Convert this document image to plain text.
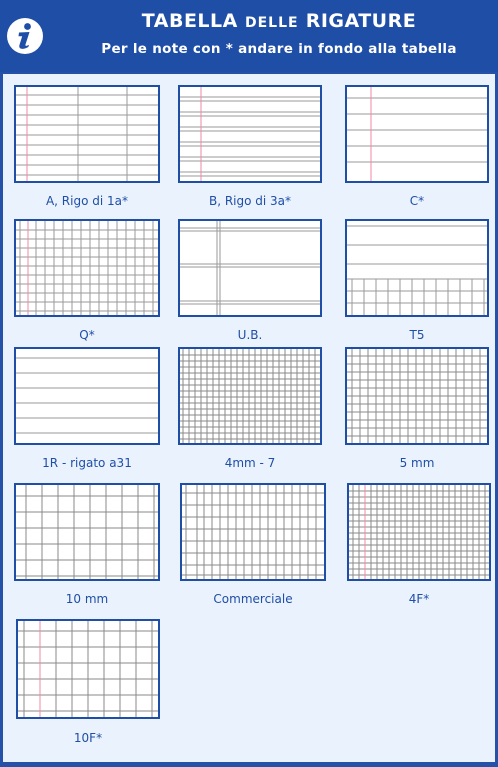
TABELLA DELLE RIGATURE
Per le note con * andare in fondo alla tabella
A, Rigo di 1a*	B, Rigo di 3a*	C*
Q*	U.B.	T5
1R - rigato a31	4mm - 7	5 mm
10 mm	Commerciale	4F*
10F*
